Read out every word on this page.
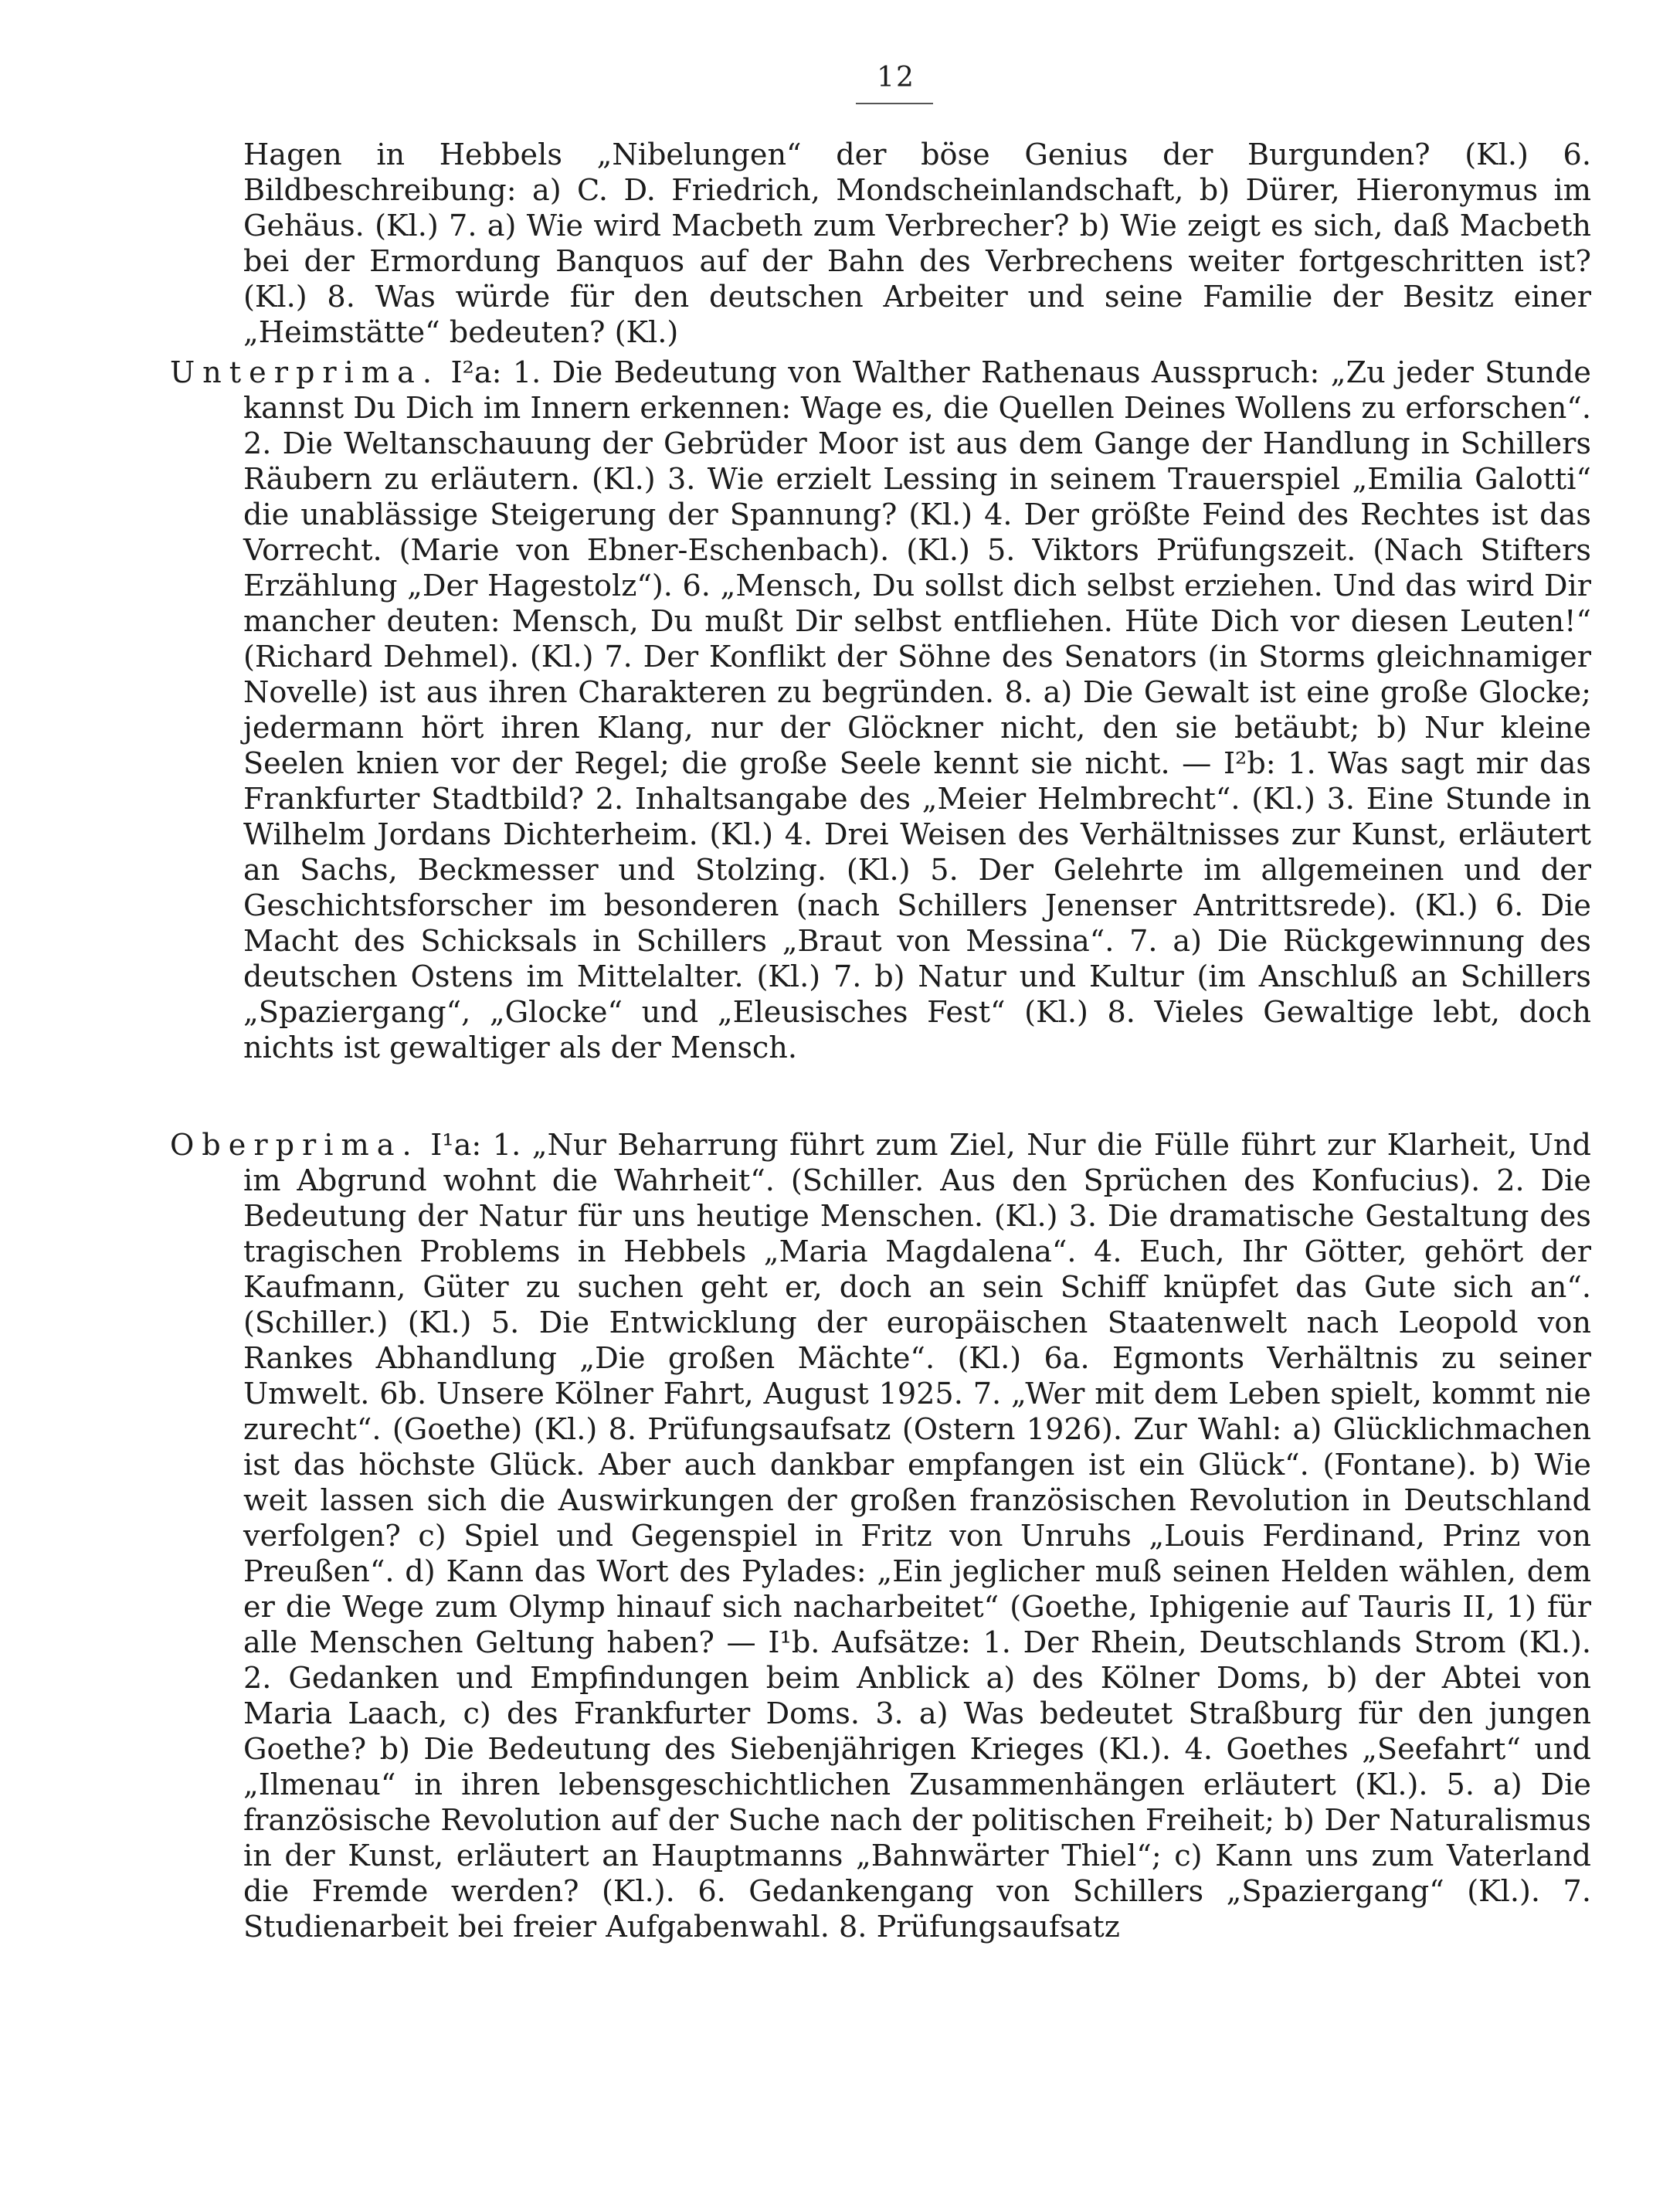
12

Hagen in Hebbels „Nibelungen“ der böse Genius der Burgunden? (Kl.) 6. Bildbeschreibung: a) C. D. Friedrich, Mondscheinlandschaft, b) Dürer, Hieronymus im Gehäus. (Kl.) 7. a) Wie wird Macbeth zum Verbrecher? b) Wie zeigt es sich, daß Macbeth bei der Ermordung Banquos auf der Bahn des Verbrechens weiter fortgeschritten ist? (Kl.) 8. Was würde für den deutschen Arbeiter und seine Familie der Besitz einer „Heimstätte“ bedeuten? (Kl.)

Unterprima. I²a: 1. Die Bedeutung von Walther Rathenaus Ausspruch: „Zu jeder Stunde kannst Du Dich im Innern erkennen: Wage es, die Quellen Deines Wollens zu erforschen“. 2. Die Weltanschauung der Gebrüder Moor ist aus dem Gange der Handlung in Schillers Räubern zu erläutern. (Kl.) 3. Wie erzielt Lessing in seinem Trauerspiel „Emilia Galotti“ die unablässige Steigerung der Spannung? (Kl.) 4. Der größte Feind des Rechtes ist das Vorrecht. (Marie von Ebner-Eschenbach). (Kl.) 5. Viktors Prüfungszeit. (Nach Stifters Erzählung „Der Hagestolz“). 6. „Mensch, Du sollst dich selbst erziehen. Und das wird Dir mancher deuten: Mensch, Du mußt Dir selbst entfliehen. Hüte Dich vor diesen Leuten!“ (Richard Dehmel). (Kl.) 7. Der Konflikt der Söhne des Senators (in Storms gleichnamiger Novelle) ist aus ihren Charakteren zu begründen. 8. a) Die Gewalt ist eine große Glocke; jedermann hört ihren Klang, nur der Glöckner nicht, den sie betäubt; b) Nur kleine Seelen knien vor der Regel; die große Seele kennt sie nicht. — I²b: 1. Was sagt mir das Frankfurter Stadtbild? 2. Inhaltsangabe des „Meier Helmbrecht“. (Kl.) 3. Eine Stunde in Wilhelm Jordans Dichterheim. (Kl.) 4. Drei Weisen des Verhältnisses zur Kunst, erläutert an Sachs, Beckmesser und Stolzing. (Kl.) 5. Der Gelehrte im allgemeinen und der Geschichtsforscher im besonderen (nach Schillers Jenenser Antrittsrede). (Kl.) 6. Die Macht des Schicksals in Schillers „Braut von Messina“. 7. a) Die Rückgewinnung des deutschen Ostens im Mittelalter. (Kl.) 7. b) Natur und Kultur (im Anschluß an Schillers „Spaziergang“, „Glocke“ und „Eleusisches Fest“ (Kl.) 8. Vieles Gewaltige lebt, doch nichts ist gewaltiger als der Mensch.

Oberprima. I¹a: 1. „Nur Beharrung führt zum Ziel, Nur die Fülle führt zur Klarheit, Und im Abgrund wohnt die Wahrheit“. (Schiller. Aus den Sprüchen des Konfucius). 2. Die Bedeutung der Natur für uns heutige Menschen. (Kl.) 3. Die dramatische Gestaltung des tragischen Problems in Hebbels „Maria Magdalena“. 4. Euch, Ihr Götter, gehört der Kaufmann, Güter zu suchen geht er, doch an sein Schiff knüpfet das Gute sich an“. (Schiller.) (Kl.) 5. Die Entwicklung der europäischen Staatenwelt nach Leopold von Rankes Abhandlung „Die großen Mächte“. (Kl.) 6a. Egmonts Verhältnis zu seiner Umwelt. 6b. Unsere Kölner Fahrt, August 1925. 7. „Wer mit dem Leben spielt, kommt nie zurecht“. (Goethe) (Kl.) 8. Prüfungsaufsatz (Ostern 1926). Zur Wahl: a) Glücklichmachen ist das höchste Glück. Aber auch dankbar empfangen ist ein Glück“. (Fontane). b) Wie weit lassen sich die Auswirkungen der großen französischen Revolution in Deutschland verfolgen? c) Spiel und Gegenspiel in Fritz von Unruhs „Louis Ferdinand, Prinz von Preußen“. d) Kann das Wort des Pylades: „Ein jeglicher muß seinen Helden wählen, dem er die Wege zum Olymp hinauf sich nacharbeitet“ (Goethe, Iphigenie auf Tauris II, 1) für alle Menschen Geltung haben? — I¹b. Aufsätze: 1. Der Rhein, Deutschlands Strom (Kl.). 2. Gedanken und Empfindungen beim Anblick a) des Kölner Doms, b) der Abtei von Maria Laach, c) des Frankfurter Doms. 3. a) Was bedeutet Straßburg für den jungen Goethe? b) Die Bedeutung des Siebenjährigen Krieges (Kl.). 4. Goethes „Seefahrt“ und „Ilmenau“ in ihren lebensgeschichtlichen Zusammenhängen erläutert (Kl.). 5. a) Die französische Revolution auf der Suche nach der politischen Freiheit; b) Der Naturalismus in der Kunst, erläutert an Hauptmanns „Bahnwärter Thiel“; c) Kann uns zum Vaterland die Fremde werden? (Kl.). 6. Gedankengang von Schillers „Spaziergang“ (Kl.). 7. Studienarbeit bei freier Aufgabenwahl. 8. Prüfungsaufsatz
